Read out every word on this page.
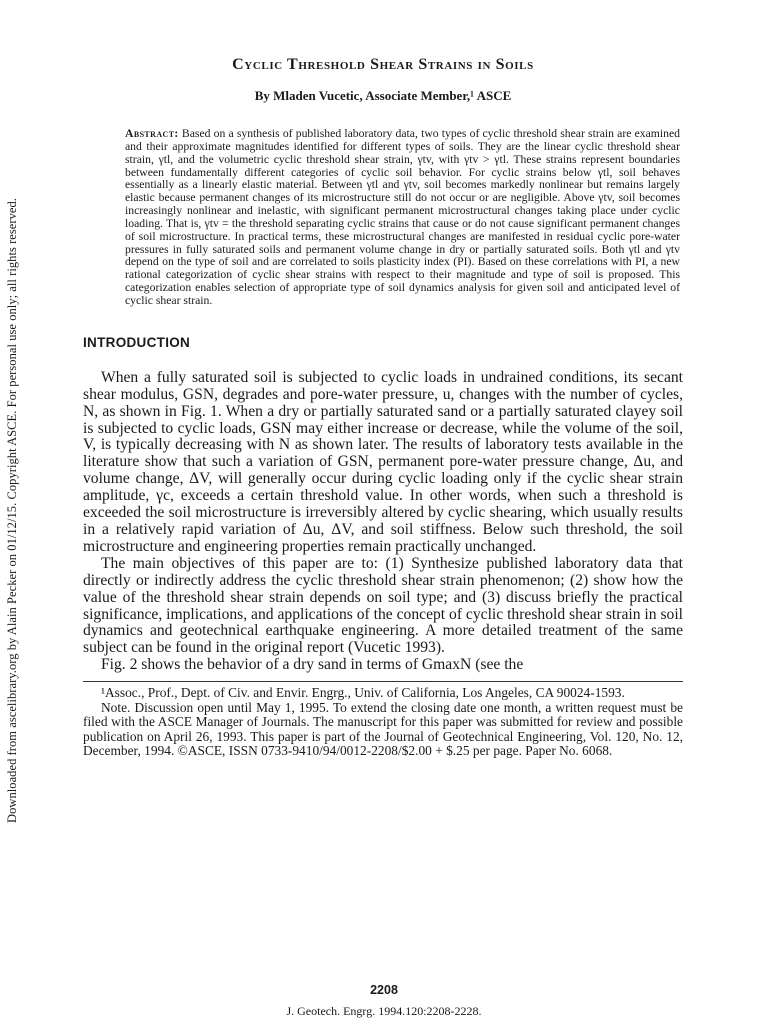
Downloaded from ascelibrary.org by Alain Pecker on 01/12/15. Copyright ASCE. For personal use only; all rights reserved.
Cyclic Threshold Shear Strains in Soils
By Mladen Vucetic, Associate Member,¹ ASCE
Abstract: Based on a synthesis of published laboratory data, two types of cyclic threshold shear strain are examined and their approximate magnitudes identified for different types of soils. They are the linear cyclic threshold shear strain, γtl, and the volumetric cyclic threshold shear strain, γtv, with γtv > γtl. These strains represent boundaries between fundamentally different categories of cyclic soil behavior. For cyclic strains below γtl, soil behaves essentially as a linearly elastic material. Between γtl and γtv, soil becomes markedly nonlinear but remains largely elastic because permanent changes of its microstructure still do not occur or are negligible. Above γtv, soil becomes increasingly nonlinear and inelastic, with significant permanent microstructural changes taking place under cyclic loading. That is, γtv = the threshold separating cyclic strains that cause or do not cause significant permanent changes of soil microstructure. In practical terms, these microstructural changes are manifested in residual cyclic pore-water pressures in fully saturated soils and permanent volume change in dry or partially saturated soils. Both γtl and γtv depend on the type of soil and are correlated to soils plasticity index (PI). Based on these correlations with PI, a new rational categorization of cyclic shear strains with respect to their magnitude and type of soil is proposed. This categorization enables selection of appropriate type of soil dynamics analysis for given soil and anticipated level of cyclic shear strain.
INTRODUCTION

When a fully saturated soil is subjected to cyclic loads in undrained conditions, its secant shear modulus, GSN, degrades and pore-water pressure, u, changes with the number of cycles, N, as shown in Fig. 1. When a dry or partially saturated sand or a partially saturated clayey soil is subjected to cyclic loads, GSN may either increase or decrease, while the volume of the soil, V, is typically decreasing with N as shown later. The results of laboratory tests available in the literature show that such a variation of GSN, permanent pore-water pressure change, Δu, and volume change, ΔV, will generally occur during cyclic loading only if the cyclic shear strain amplitude, γc, exceeds a certain threshold value. In other words, when such a threshold is exceeded the soil microstructure is irreversibly altered by cyclic shearing, which usually results in a relatively rapid variation of Δu, ΔV, and soil stiffness. Below such threshold, the soil microstructure and engineering properties remain practically unchanged.

The main objectives of this paper are to: (1) Synthesize published laboratory data that directly or indirectly address the cyclic threshold shear strain phenomenon; (2) show how the value of the threshold shear strain depends on soil type; and (3) discuss briefly the practical significance, implications, and applications of the concept of cyclic threshold shear strain in soil dynamics and geotechnical earthquake engineering. A more detailed treatment of the same subject can be found in the original report (Vucetic 1993).

Fig. 2 shows the behavior of a dry sand in terms of GmaxN (see the

¹Assoc., Prof., Dept. of Civ. and Envir. Engrg., Univ. of California, Los Angeles, CA 90024-1593.

Note. Discussion open until May 1, 1995. To extend the closing date one month, a written request must be filed with the ASCE Manager of Journals. The manuscript for this paper was submitted for review and possible publication on April 26, 1993. This paper is part of the Journal of Geotechnical Engineering, Vol. 120, No. 12, December, 1994. ©ASCE, ISSN 0733-9410/94/0012-2208/$2.00 + $.25 per page. Paper No. 6068.

2208
J. Geotech. Engrg. 1994.120:2208-2228.
